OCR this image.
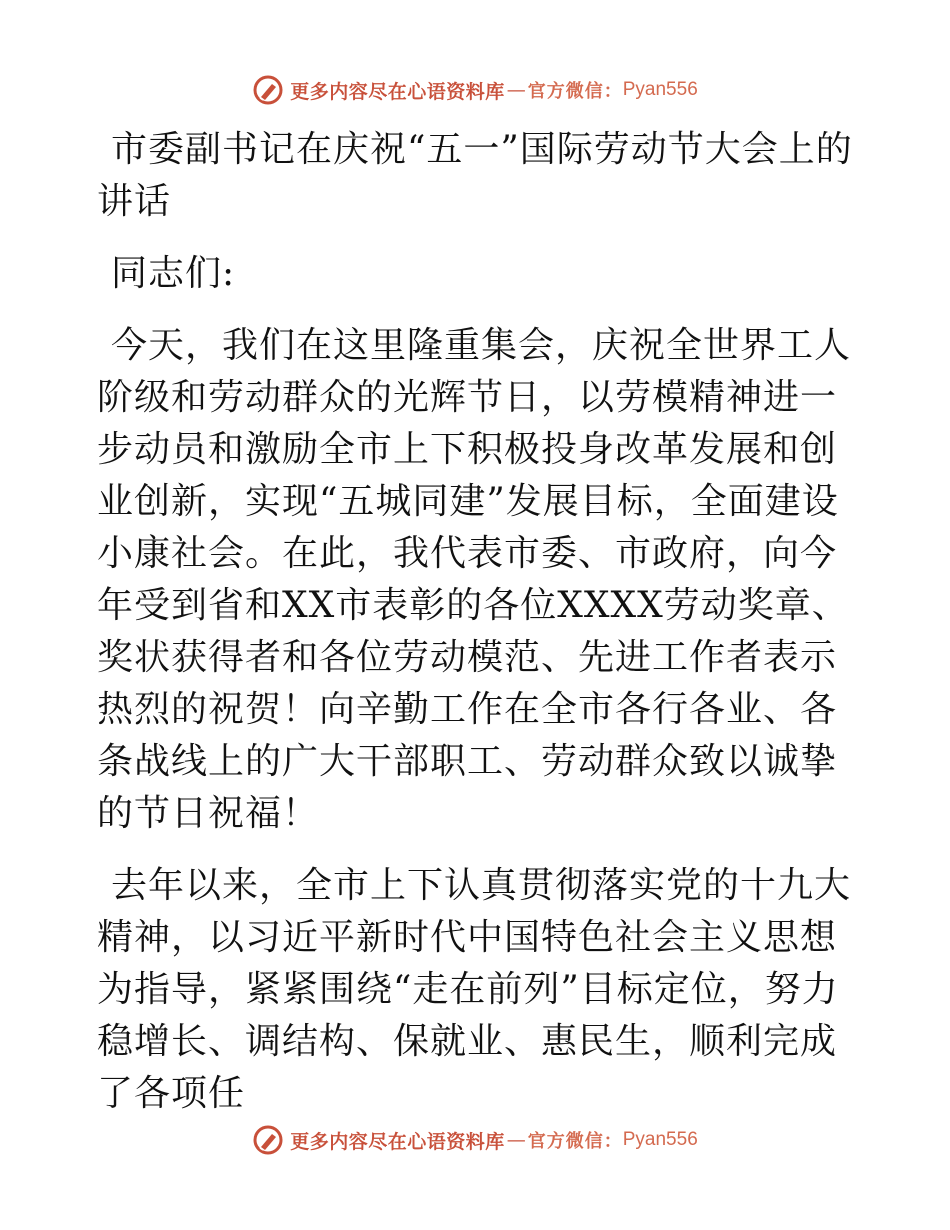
更多内容尽在心语资料库 — 官方微信： Pyan556

市委副书记在庆祝“五一”国际劳动节大会上的讲话

同志们:

今天，我们在这里隆重集会，庆祝全世界工人阶级和劳动群众的光辉节日，以劳模精神进一步动员和激励全市上下积极投身改革发展和创业创新，实现“五城同建”发展目标，全面建设小康社会。在此，我代表市委、市政府，向今年受到省和XX市表彰的各位XXXX劳动奖章、奖状获得者和各位劳动模范、先进工作者表示热烈的祝贺！向辛勤工作在全市各行各业、各条战线上的广大干部职工、劳动群众致以诚挚的节日祝福！

去年以来，全市上下认真贯彻落实党的十九大精神，以习近平新时代中国特色社会主义思想为指导，紧紧围绕“走在前列”目标定位，努力稳增长、调结构、保就业、惠民生，顺利完成了各项任

更多内容尽在心语资料库 — 官方微信： Pyan556
